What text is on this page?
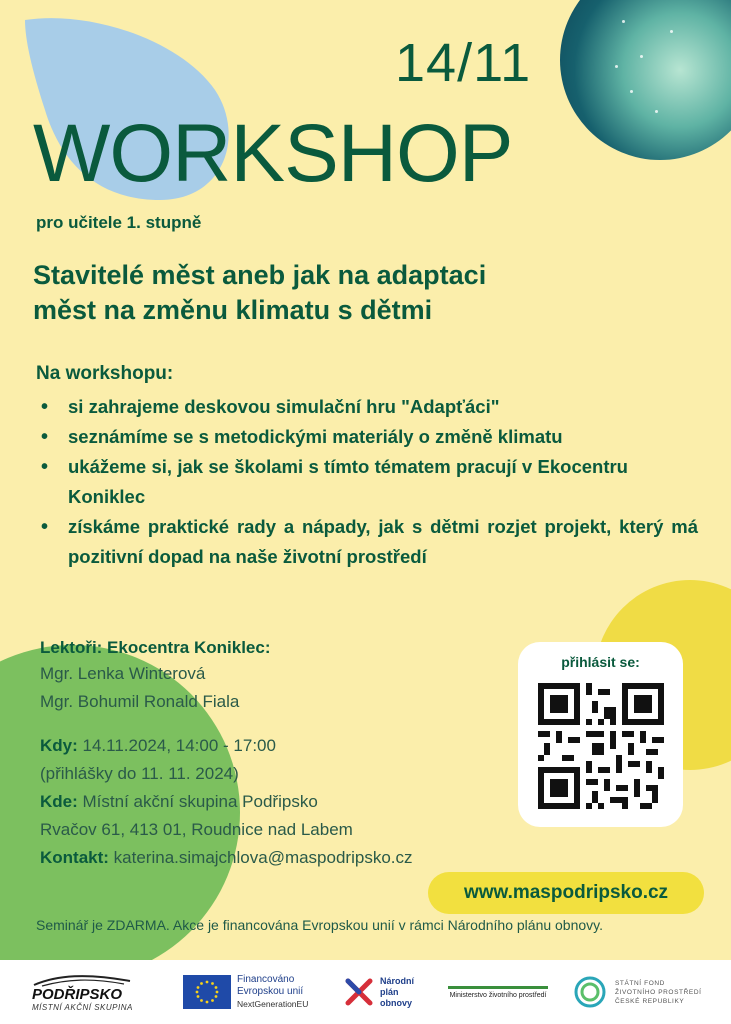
14/11
WORKSHOP
pro učitele 1. stupně
Stavitelé měst aneb jak na adaptaci
měst na změnu klimatu s dětmi
Na workshopu:
• si zahrajeme deskovou simulační hru "Adapťáci"
• seznámíme se s metodickými materiály o změně klimatu
• ukážeme si, jak se školami s tímto tématem pracují v Ekocentru Koniklec
• získáme praktické rady a nápady, jak s dětmi rozjet projekt, který má pozitivní dopad na naše životní prostředí
Lektoři: Ekocentra Koniklec:
Mgr. Lenka Winterová
Mgr. Bohumil Ronald Fiala
Kdy: 14.11.2024, 14:00 - 17:00
(přihlášky do 11. 11. 2024)
Kde: Místní akční skupina Podřipsko
Rvačov 61, 413 01, Roudnice nad Labem
Kontakt: katerina.simajchlova@maspodripsko.cz
přihlásit se:
www.maspodripsko.cz
Seminář je ZDARMA. Akce je financována Evropskou unií v rámci Národního plánu obnovy.
PODŘIPSKO
MÍSTNÍ AKČNÍ SKUPINA
Financováno
Evropskou unií
NextGenerationEU
Národní
plán
obnovy
Ministerstvo životního prostředí
STÁTNÍ FOND
ŽIVOTNÍHO PROSTŘEDÍ
ČESKÉ REPUBLIKY
